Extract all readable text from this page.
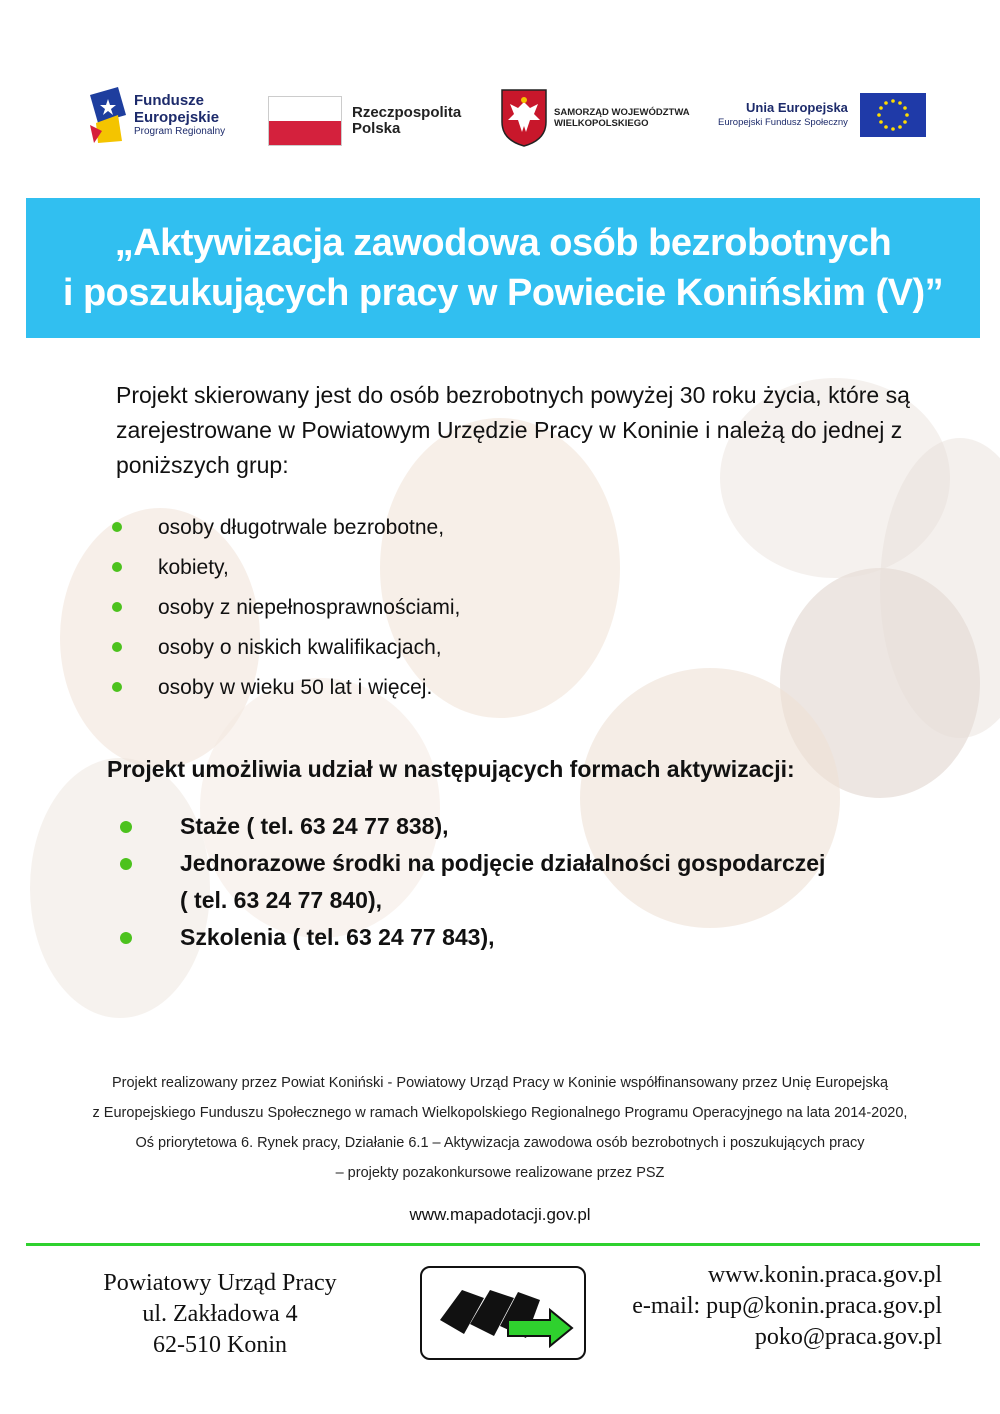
Fundusze
Europejskie
Program Regionalny
Rzeczpospolita
Polska
SAMORZĄD WOJEWÓDZTWA
WIELKOPOLSKIEGO
Unia Europejska
Europejski Fundusz Społeczny
„Aktywizacja zawodowa osób bezrobotnych
i poszukujących pracy w Powiecie Konińskim (V)”
Projekt skierowany jest do osób bezrobotnych powyżej 30 roku życia, które są zarejestrowane w Powiatowym Urzędzie Pracy w Koninie i należą do jednej z poniższych grup:
osoby długotrwale bezrobotne,
kobiety,
osoby z niepełnosprawnościami,
osoby o niskich kwalifikacjach,
osoby w wieku 50 lat i więcej.
Projekt umożliwia udział w następujących formach aktywizacji:
Staże ( tel. 63 24 77 838),
Jednorazowe środki na podjęcie działalności gospodarczej
( tel. 63 24 77 840),
Szkolenia ( tel. 63 24 77 843),
Projekt realizowany przez Powiat Koniński - Powiatowy Urząd Pracy w Koninie współfinansowany przez Unię Europejską
z Europejskiego Funduszu Społecznego w ramach Wielkopolskiego Regionalnego Programu Operacyjnego na lata 2014-2020,
Oś priorytetowa 6. Rynek pracy, Działanie 6.1 – Aktywizacja zawodowa osób bezrobotnych i poszukujących pracy
– projekty pozakonkursowe realizowane przez PSZ
www.mapadotacji.gov.pl
Powiatowy Urząd Pracy
ul. Zakładowa 4
62-510 Konin
www.konin.praca.gov.pl
e-mail: pup@konin.praca.gov.pl
poko@praca.gov.pl
